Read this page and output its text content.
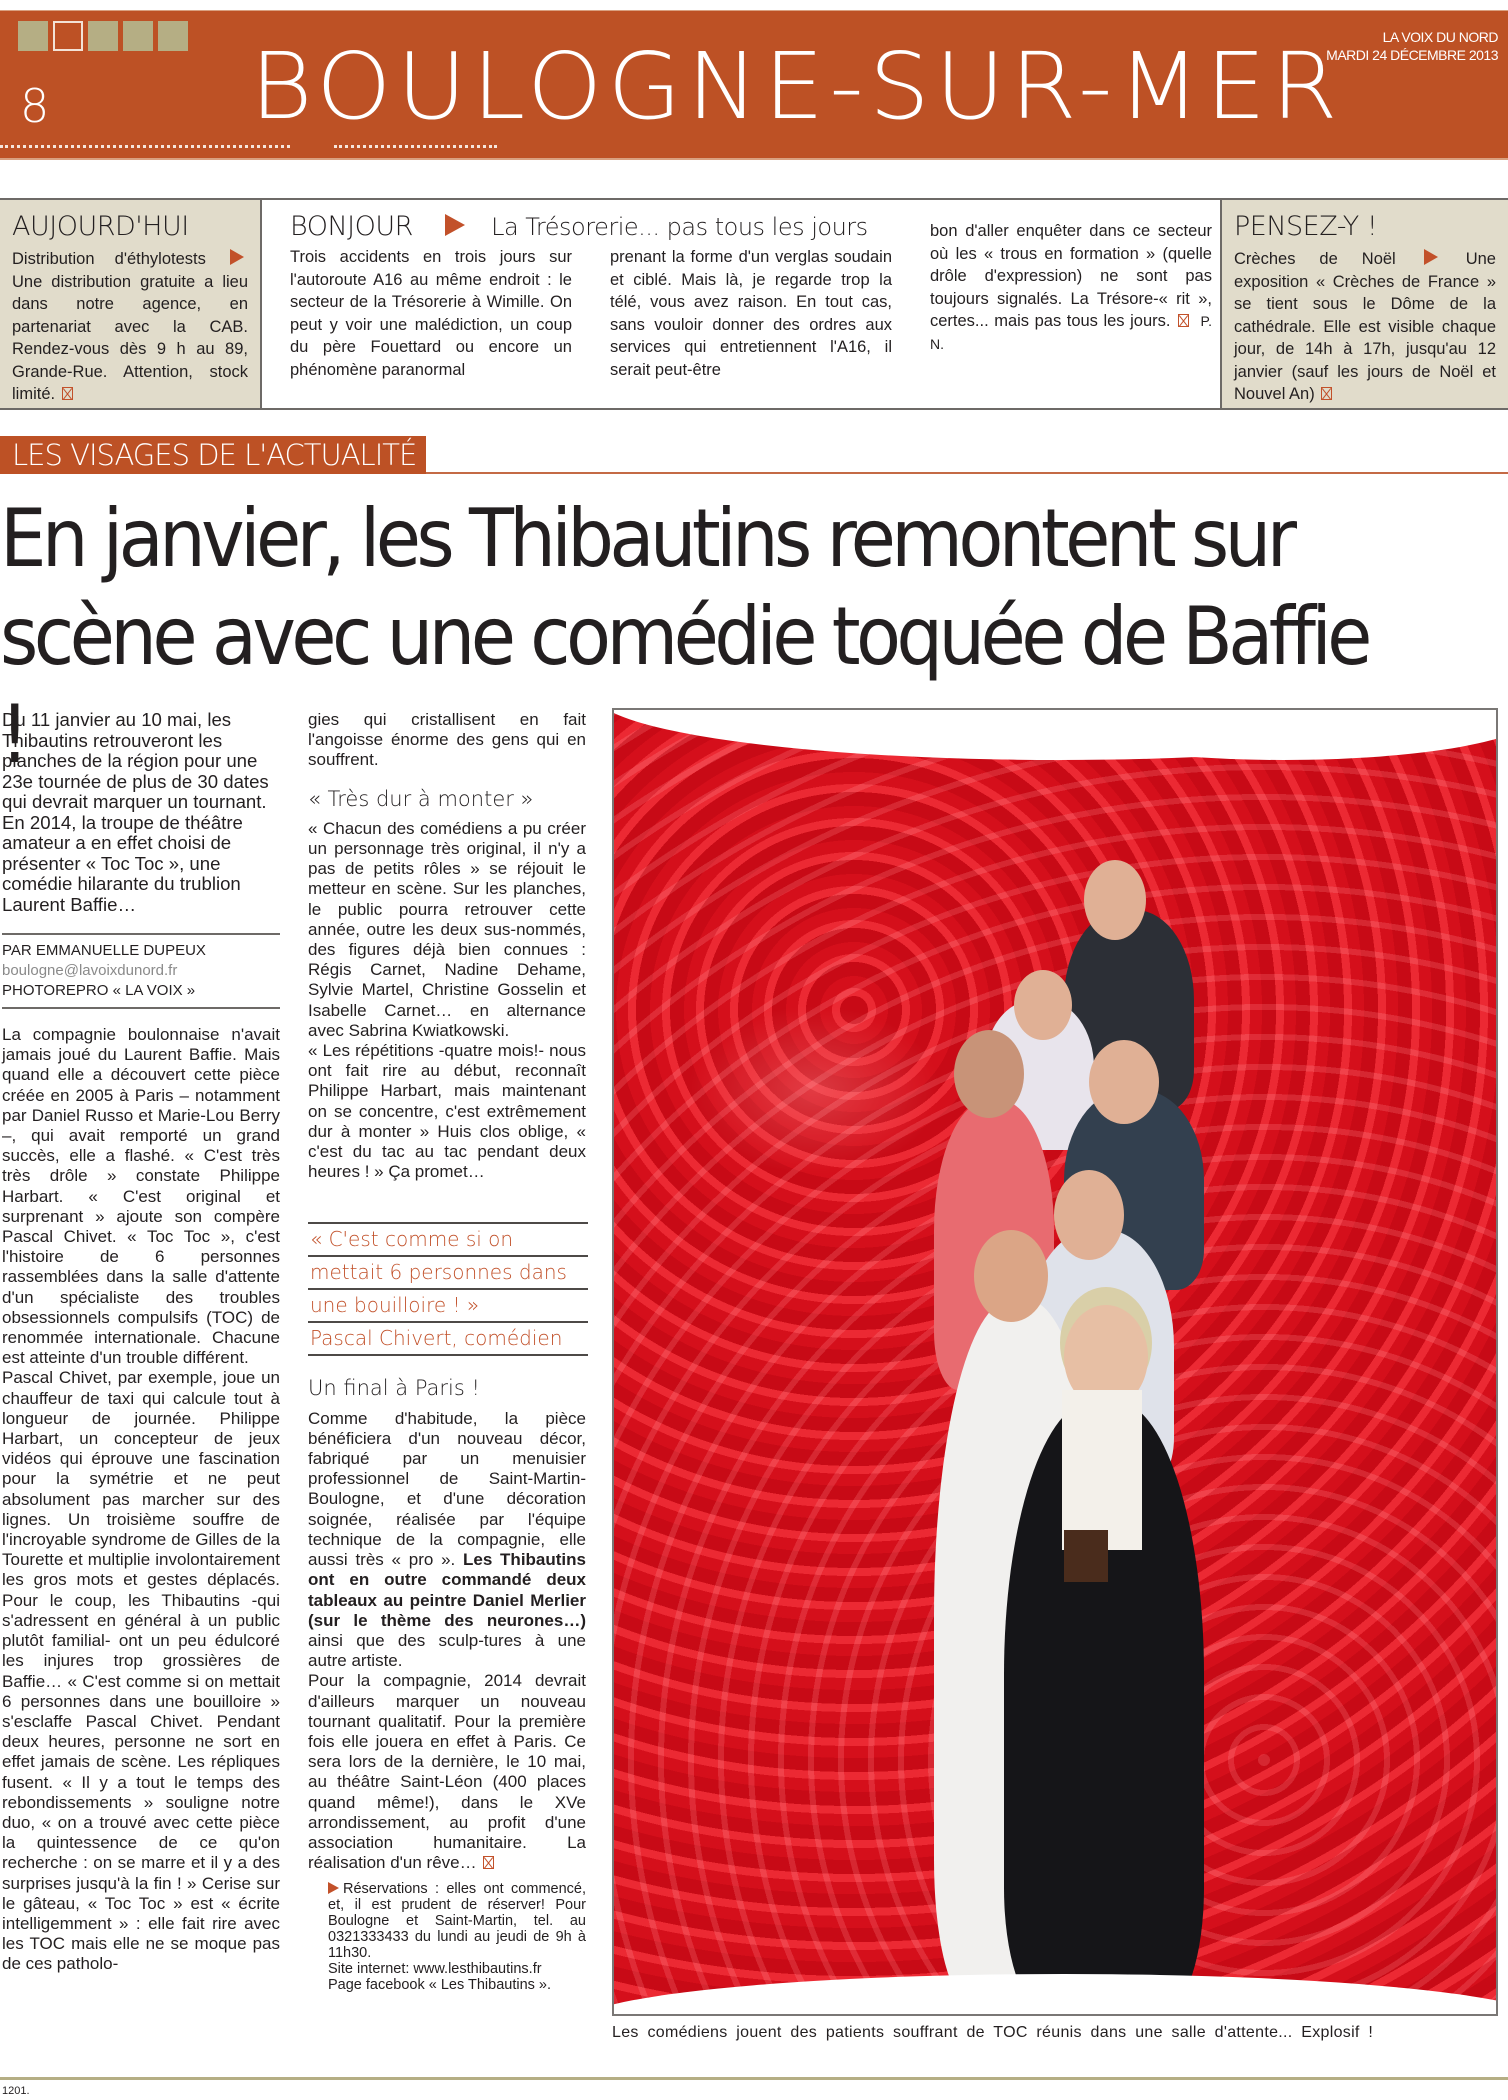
8 BOULOGNE-SUR-MER	LA VOIX DU NORD
MARDI 24 DÉCEMBRE 2013
AUJOURD'HUI
Distribution d'éthylotests  Une distribution gratuite a lieu dans notre agence, en partenariat avec la CAB. Rendez-vous dès 9 h au 89, Grande-Rue. Attention, stock limité.
BONJOUR	La Trésorerie... pas tous les jours
Trois accidents en trois jours sur l'autoroute A16 au même endroit : le secteur de la Trésorerie à Wimille. On peut y voir une malédiction, un coup du père Fouettard ou encore un phénomène paranormal
prenant la forme d'un verglas soudain et ciblé. Mais là, je regarde trop la télé, vous avez raison. En tout cas, sans vouloir donner des ordres aux services qui entretiennent l'A16, il serait peut-être
bon d'aller enquêter dans ce secteur où les « trous en formation » (quelle drôle d'expression) ne sont pas toujours signalés. La Trésore-« rit », certes... mais pas tous les jours. P. N.
PENSEZ-Y !
Crèches de Noël	Une exposition « Crèches de France » se tient sous le Dôme de la cathédrale. Elle est visible chaque jour, de 14h à 17h, jusqu'au 12 janvier (sauf les jours de Noël et Nouvel An)
LES VISAGES DE L'ACTUALITÉ
En janvier, les Thibautins remontent sur
scène avec une comédie toquée de Baffie !

Du 11 janvier au 10 mai, les Thibautins retrouveront les planches de la région pour une 23e tournée de plus de 30 dates qui devrait marquer un tournant. En 2014, la troupe de théâtre amateur a en effet choisi de présenter « Toc Toc », une comédie hilarante du trublion Laurent Baffie…

PAR EMMANUELLE DUPEUX
boulogne@lavoixdunord.fr
PHOTOREPRO « LA VOIX »

La compagnie boulonnaise n'avait jamais joué du Laurent Baffie. Mais quand elle a découvert cette pièce créée en 2005 à Paris – notamment par Daniel Russo et Marie-Lou Berry –, qui avait remporté un grand succès, elle a flashé. « C'est très très drôle » constate Philippe Harbart. « C'est original et surprenant » ajoute son compère Pascal Chivet. « Toc Toc », c'est l'histoire de 6 personnes rassemblées dans la salle d'attente d'un spécialiste des troubles obsessionnels compulsifs (TOC) de renommée internationale. Chacune est atteinte d'un trouble différent.

Pascal Chivet, par exemple, joue un chauffeur de taxi qui calcule tout à longueur de journée. Philippe Harbart, un concepteur de jeux vidéos qui éprouve une fascination pour la symétrie et ne peut absolument pas marcher sur des lignes. Un troisième souffre de l'incroyable syndrome de Gilles de la Tourette et multiplie involontairement les gros mots et gestes déplacés. Pour le coup, les Thibautins -qui s'adressent en général à un public plutôt familial- ont un peu édulcoré les injures trop grossières de Baffie… « C'est comme si on mettait 6 personnes dans une bouilloire » s'esclaffe Pascal Chivet. Pendant deux heures, personne ne sort en effet jamais de scène. Les répliques fusent. « Il y a tout le temps des rebondissements » souligne notre duo, « on a trouvé avec cette pièce la quintessence de ce qu'on recherche : on se marre et il y a des surprises jusqu'à la fin ! » Cerise sur le gâteau, « Toc Toc » est « écrite intelligemment » : elle fait rire avec les TOC mais elle ne se moque pas de ces patholo-

gies qui cristallisent en fait l'angoisse énorme des gens qui en souffrent.

« Très dur à monter »

« Chacun des comédiens a pu créer un personnage très original, il n'y a pas de petits rôles » se réjouit le metteur en scène. Sur les planches, le public pourra retrouver cette année, outre les deux sus-nommés, des figures déjà bien connues : Régis Carnet, Nadine Dehame, Sylvie Martel, Christine Gosselin et Isabelle Carnet… en alternance avec Sabrina Kwiatkowski.

« Les répétitions -quatre mois!- nous ont fait rire au début, reconnaît Philippe Harbart, mais maintenant on se concentre, c'est extrêmement dur à monter » Huis clos oblige, « c'est du tac au tac pendant deux heures ! » Ça promet…

« C'est comme si on
mettait 6 personnes dans
une bouilloire ! »
Pascal Chivert, comédien
Un final à Paris !

Comme d'habitude, la pièce bénéficiera d'un nouveau décor, fabriqué par un menuisier professionnel de Saint-Martin-Boulogne, et d'une décoration soignée, réalisée par l'équipe technique de la compagnie, elle aussi très « pro ». Les Thibautins ont en outre commandé deux tableaux au peintre Daniel Merlier (sur le thème des neurones…) ainsi que des sculp-tures à une autre artiste.

Pour la compagnie, 2014 devrait d'ailleurs marquer un nouveau tournant qualitatif. Pour la première fois elle jouera en effet à Paris. Ce sera lors de la dernière, le 10 mai, au théâtre Saint-Léon (400 places quand même!), dans le XVe arrondissement, au profit d'une association humanitaire. La réalisation d'un rêve…

Réservations : elles ont commencé, et, il est prudent de réserver! Pour Boulogne et Saint-Martin, tel. au 0321333433 du lundi au jeudi de 9h à 11h30.
Site internet: www.lesthibautins.fr
Page facebook « Les Thibautins ».
Les comédiens jouent des patients souffrant de TOC réunis dans une salle d'attente... Explosif !
1201.
